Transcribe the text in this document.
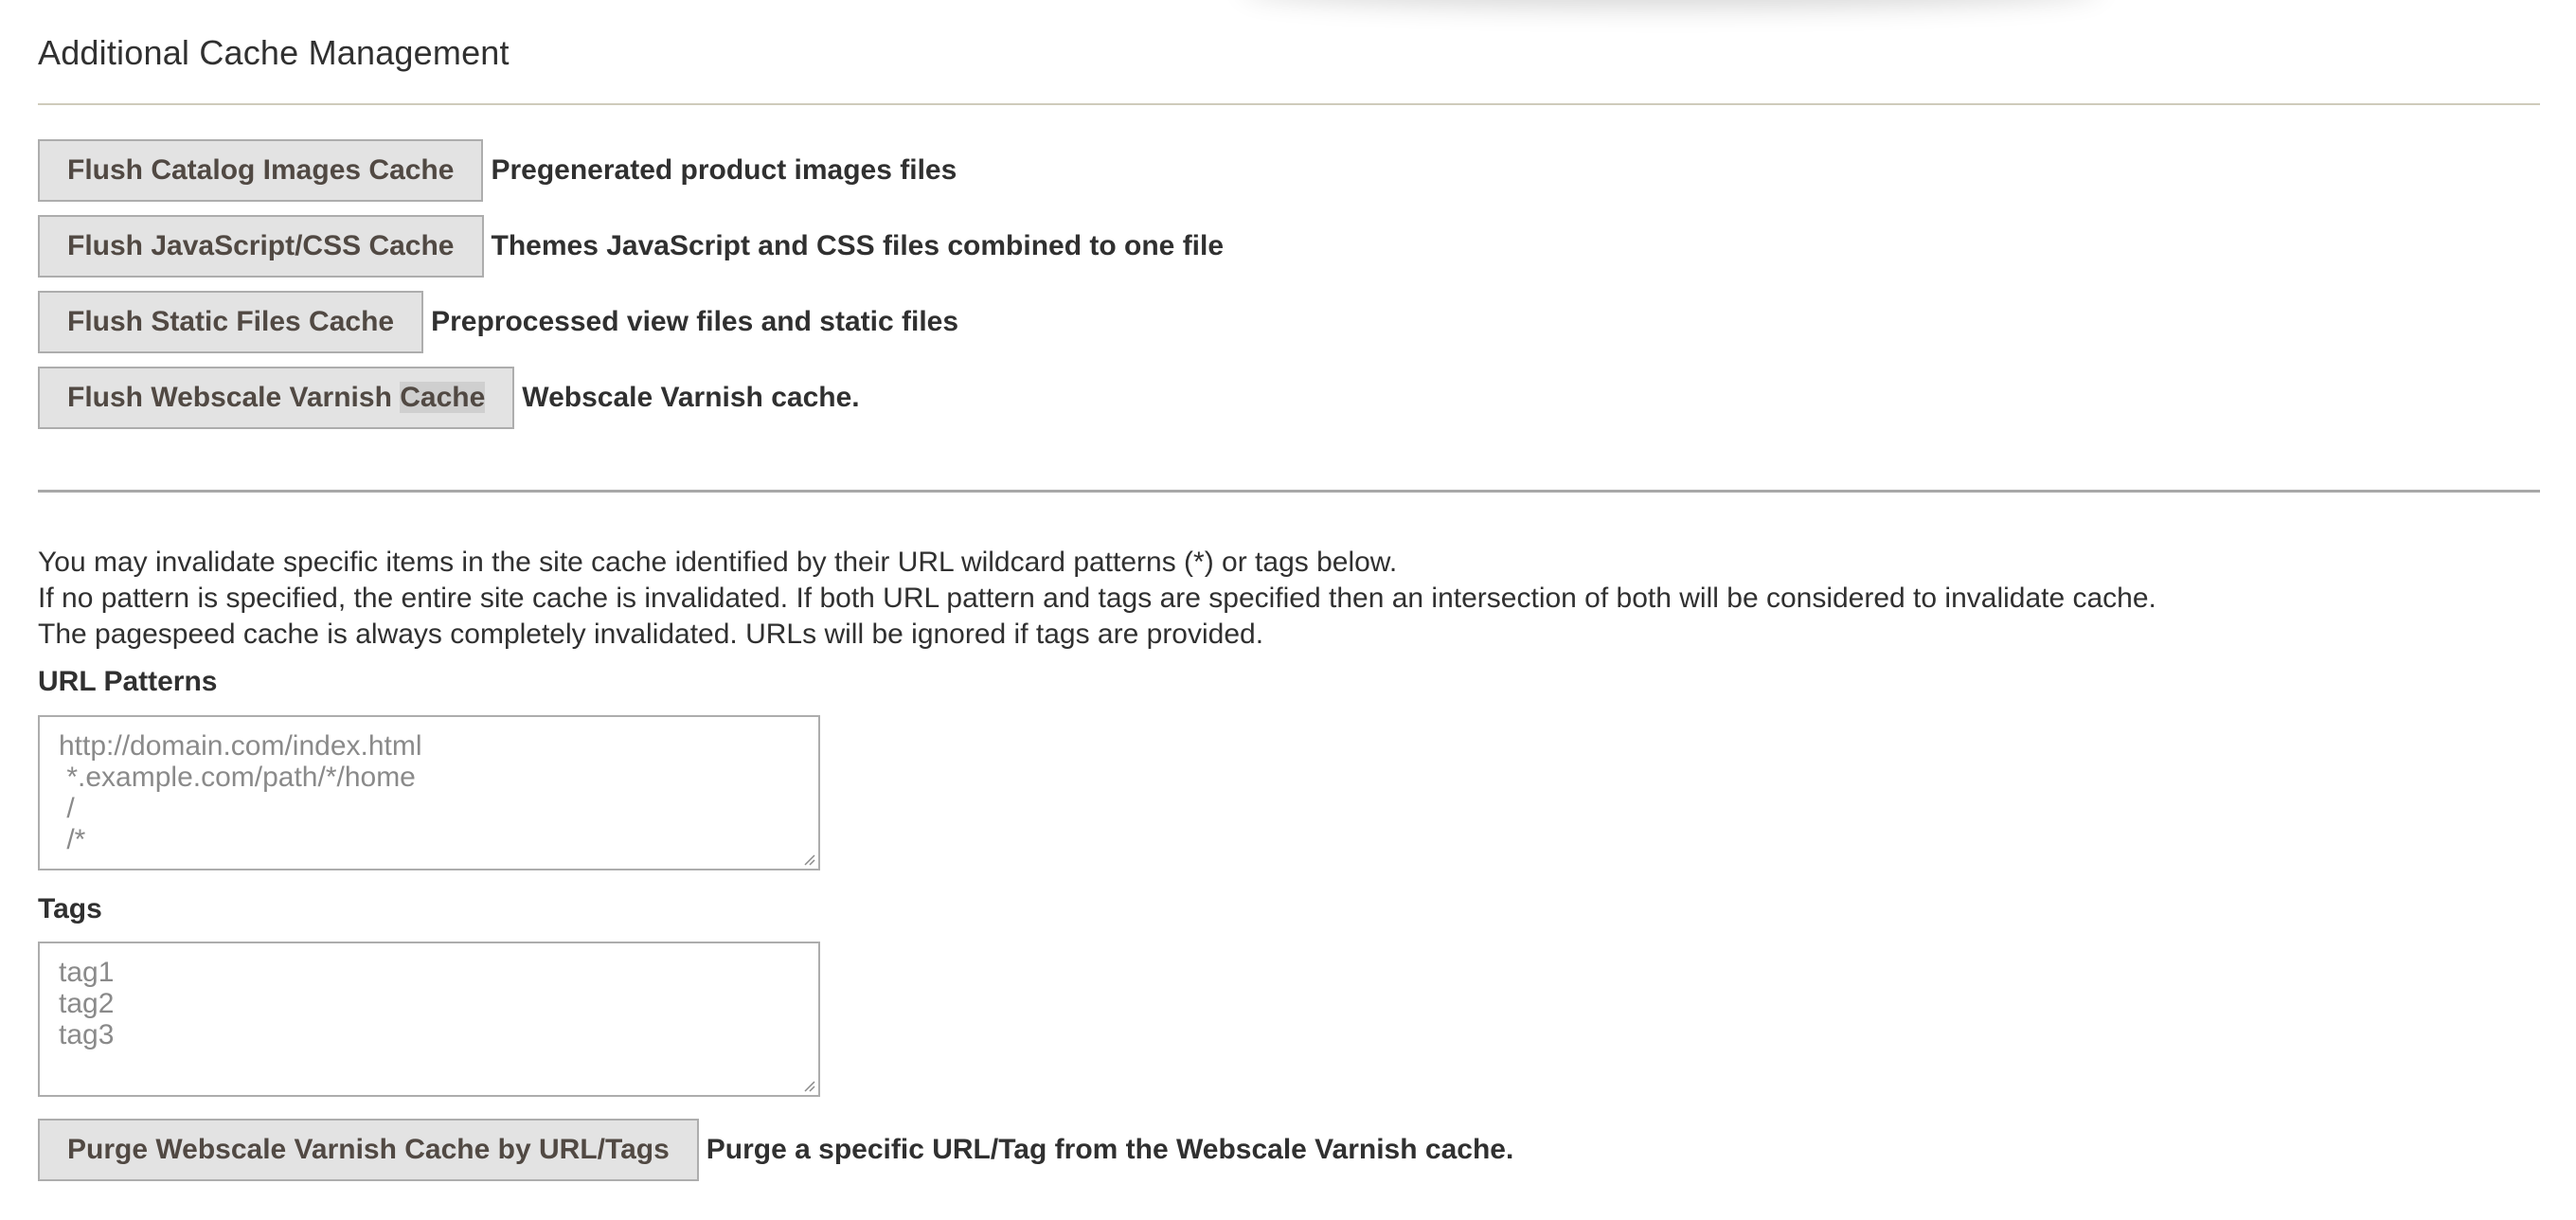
Additional Cache Management
Flush Catalog Images Cache	Pregenerated product images files
Flush JavaScript/CSS Cache	Themes JavaScript and CSS files combined to one file
Flush Static Files Cache	Preprocessed view files and static files
Flush Webscale Varnish Cache	Webscale Varnish cache.

You may invalidate specific items in the site cache identified by their URL wildcard patterns (*) or tags below.

If no pattern is specified, the entire site cache is invalidated. If both URL pattern and tags are specified then an intersection of both will be considered to invalidate cache.

The pagespeed cache is always completely invalidated. URLs will be ignored if tags are provided.

URL Patterns
http://domain.com/index.html *.example.com/path/*/home / /*
Tags
tag1 tag2 tag3
Purge Webscale Varnish Cache by URL/Tags	Purge a specific URL/Tag from the Webscale Varnish cache.
